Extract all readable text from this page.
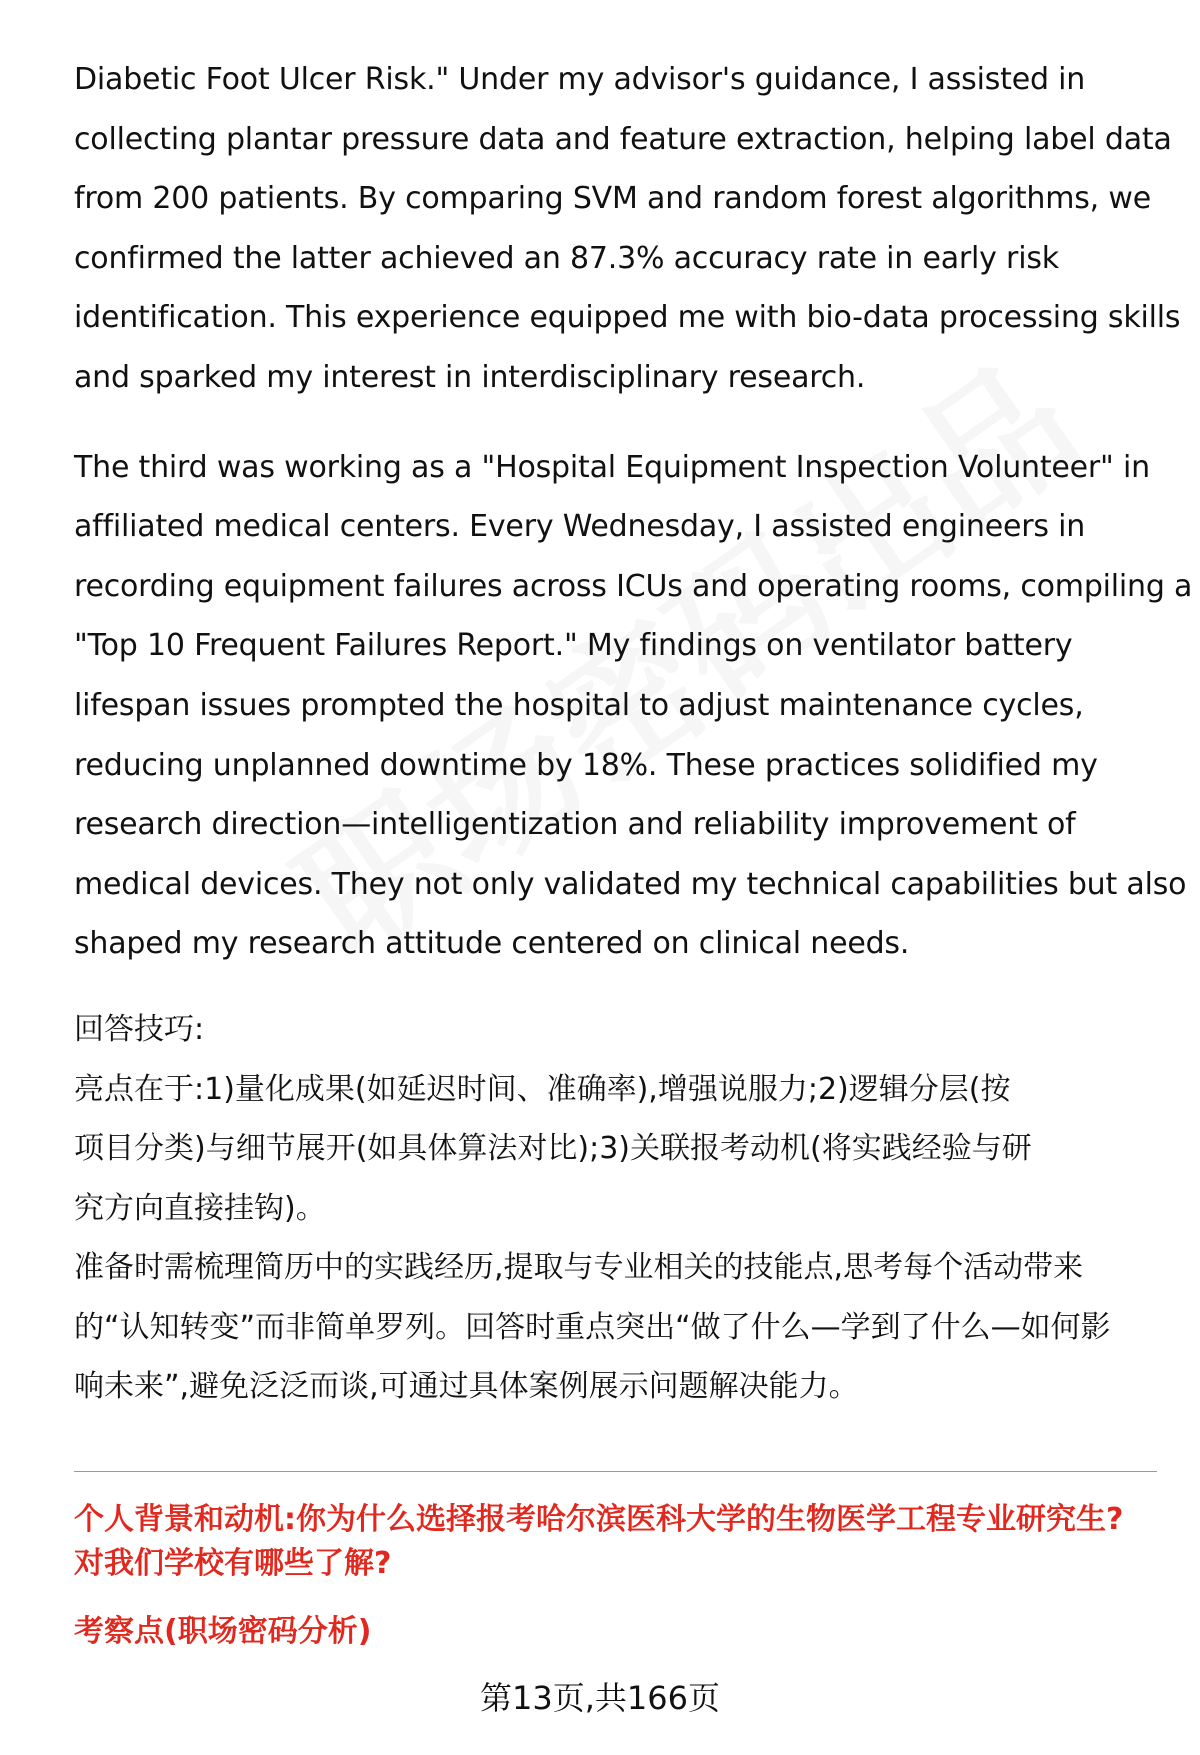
Diabetic Foot Ulcer Risk." Under my advisor's guidance, I assisted in
collecting plantar pressure data and feature extraction, helping label data
from 200 patients. By comparing SVM and random forest algorithms, we
confirmed the latter achieved an 87.3% accuracy rate in early risk
identification. This experience equipped me with bio-data processing skills
and sparked my interest in interdisciplinary research.

The third was working as a "Hospital Equipment Inspection Volunteer" in
affiliated medical centers. Every Wednesday, I assisted engineers in
recording equipment failures across ICUs and operating rooms, compiling a
"Top 10 Frequent Failures Report." My findings on ventilator battery
lifespan issues prompted the hospital to adjust maintenance cycles,
reducing unplanned downtime by 18%. These practices solidified my
research direction—intelligentization and reliability improvement of
medical devices. They not only validated my technical capabilities but also
shaped my research attitude centered on clinical needs.

回答技巧:

亮点在于:1)量化成果(如延迟时间、准确率),增强说服力;2)逻辑分层(按
项目分类)与细节展开(如具体算法对比);3)关联报考动机(将实践经验与研
究方向直接挂钩)。

准备时需梳理简历中的实践经历,提取与专业相关的技能点,思考每个活动带来
的“认知转变”而非简单罗列。回答时重点突出“做了什么—学到了什么—如何影
响未来”,避免泛泛而谈,可通过具体案例展示问题解决能力。

个人背景和动机:你为什么选择报考哈尔滨医科大学的生物医学工程专业研究生?
对我们学校有哪些了解?
考察点(职场密码分析)
第13页,共166页
